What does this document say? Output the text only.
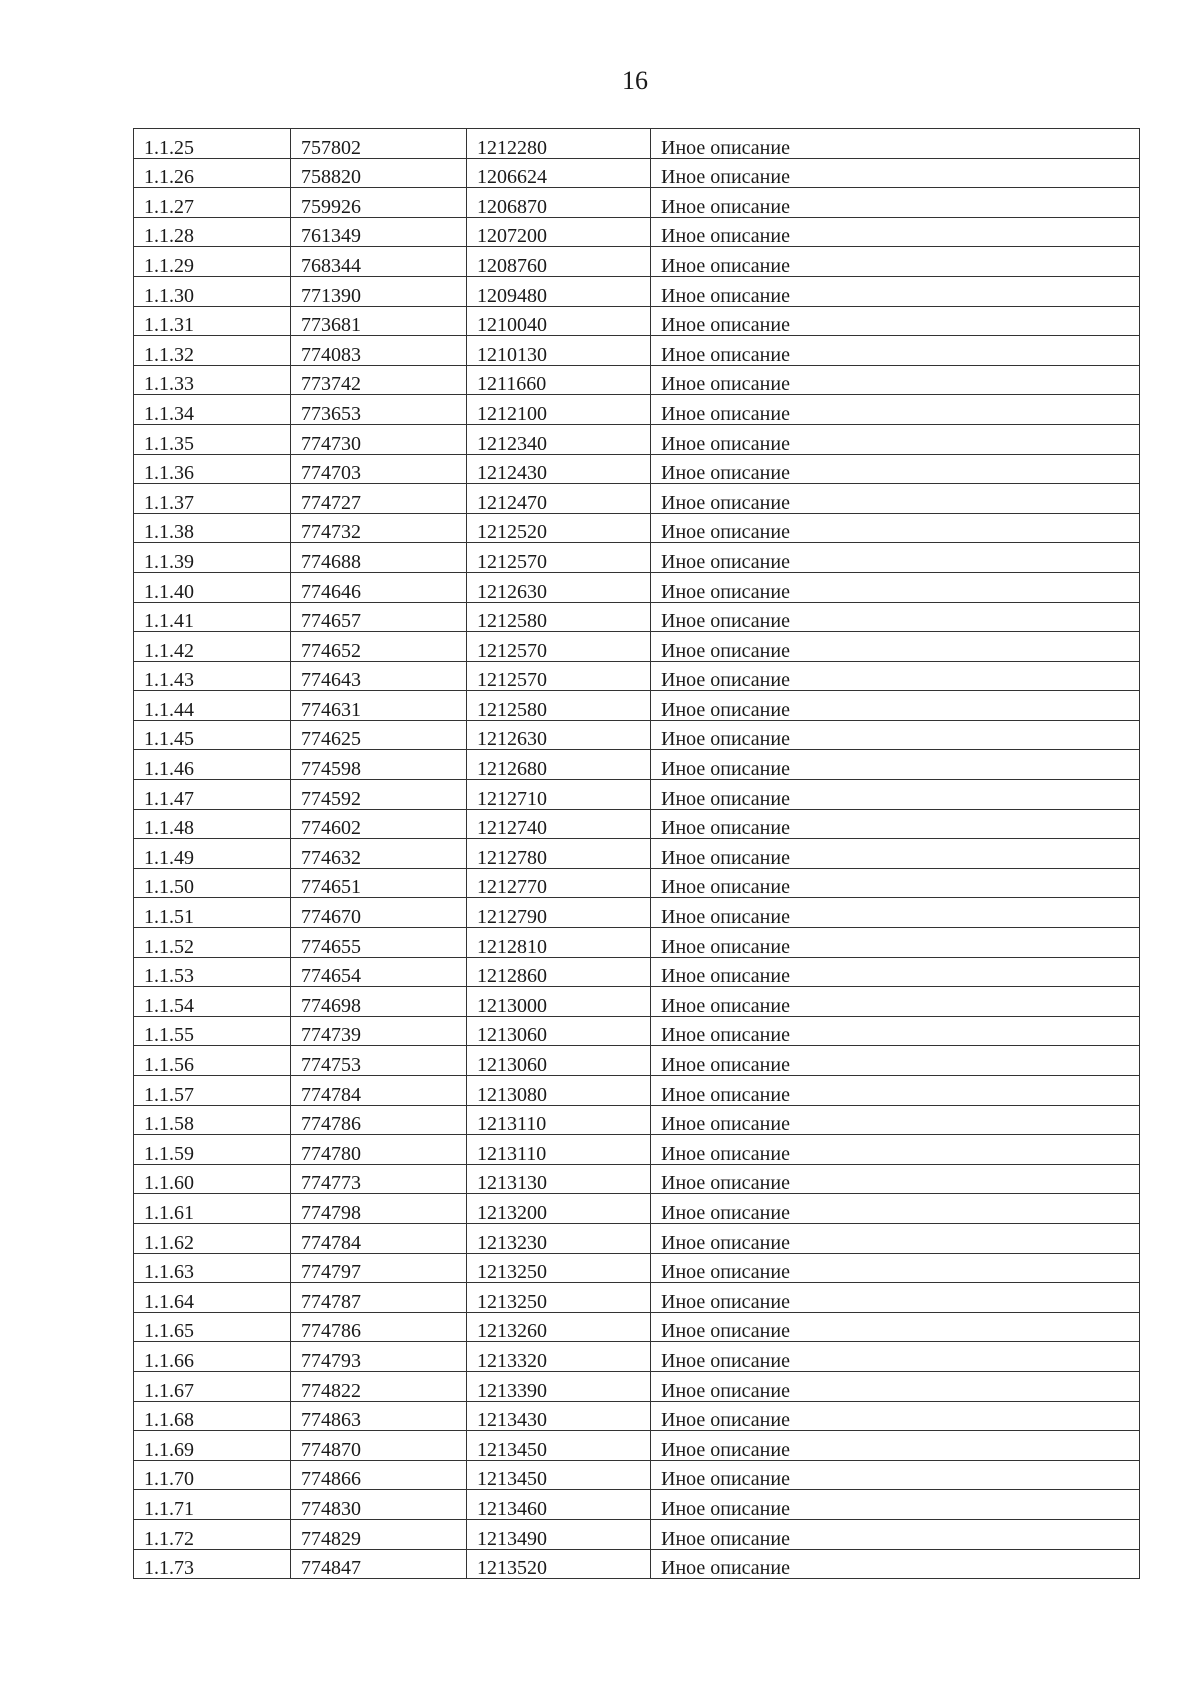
16
1.1.25	757802	1212280	Иное описание
1.1.26	758820	1206624	Иное описание
1.1.27	759926	1206870	Иное описание
1.1.28	761349	1207200	Иное описание
1.1.29	768344	1208760	Иное описание
1.1.30	771390	1209480	Иное описание
1.1.31	773681	1210040	Иное описание
1.1.32	774083	1210130	Иное описание
1.1.33	773742	1211660	Иное описание
1.1.34	773653	1212100	Иное описание
1.1.35	774730	1212340	Иное описание
1.1.36	774703	1212430	Иное описание
1.1.37	774727	1212470	Иное описание
1.1.38	774732	1212520	Иное описание
1.1.39	774688	1212570	Иное описание
1.1.40	774646	1212630	Иное описание
1.1.41	774657	1212580	Иное описание
1.1.42	774652	1212570	Иное описание
1.1.43	774643	1212570	Иное описание
1.1.44	774631	1212580	Иное описание
1.1.45	774625	1212630	Иное описание
1.1.46	774598	1212680	Иное описание
1.1.47	774592	1212710	Иное описание
1.1.48	774602	1212740	Иное описание
1.1.49	774632	1212780	Иное описание
1.1.50	774651	1212770	Иное описание
1.1.51	774670	1212790	Иное описание
1.1.52	774655	1212810	Иное описание
1.1.53	774654	1212860	Иное описание
1.1.54	774698	1213000	Иное описание
1.1.55	774739	1213060	Иное описание
1.1.56	774753	1213060	Иное описание
1.1.57	774784	1213080	Иное описание
1.1.58	774786	1213110	Иное описание
1.1.59	774780	1213110	Иное описание
1.1.60	774773	1213130	Иное описание
1.1.61	774798	1213200	Иное описание
1.1.62	774784	1213230	Иное описание
1.1.63	774797	1213250	Иное описание
1.1.64	774787	1213250	Иное описание
1.1.65	774786	1213260	Иное описание
1.1.66	774793	1213320	Иное описание
1.1.67	774822	1213390	Иное описание
1.1.68	774863	1213430	Иное описание
1.1.69	774870	1213450	Иное описание
1.1.70	774866	1213450	Иное описание
1.1.71	774830	1213460	Иное описание
1.1.72	774829	1213490	Иное описание
1.1.73	774847	1213520	Иное описание
